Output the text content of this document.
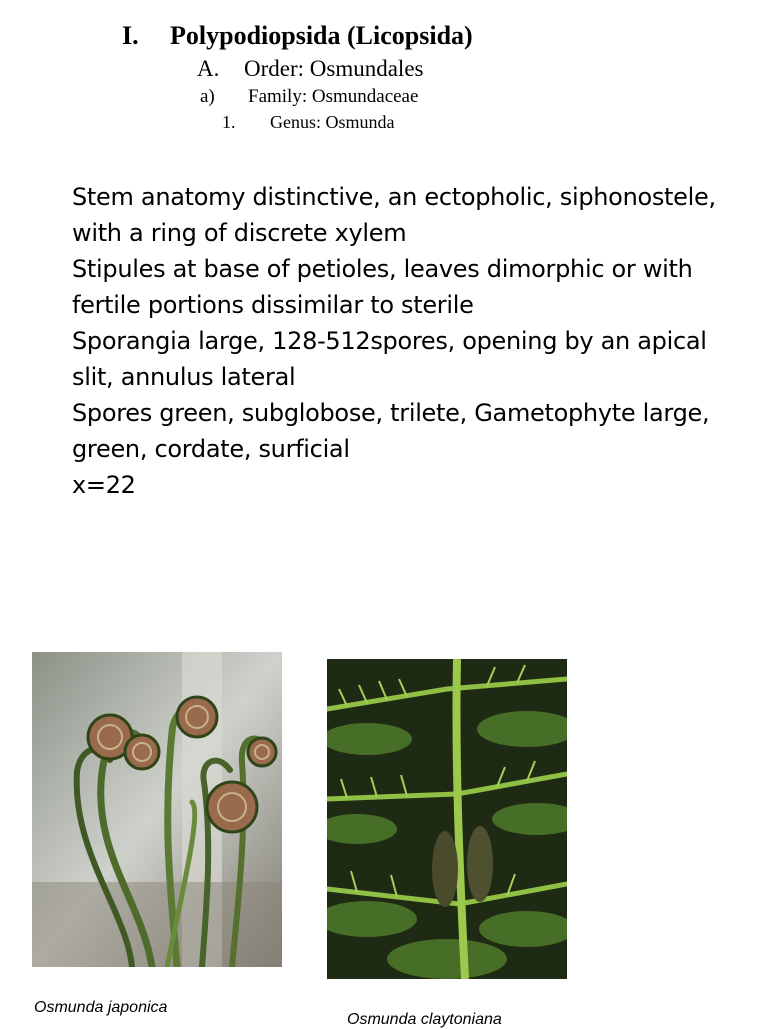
I. Polypodiopsida (Licopsida)
A. Order: Osmundales
a) Family: Osmundaceae
1. Genus: Osmunda

Stem anatomy distinctive, an ectopholic, siphonostele, with a ring of discrete xylem

Stipules at base of petioles, leaves dimorphic or with fertile portions dissimilar to sterile

Sporangia large, 128-512spores, opening by an apical slit, annulus lateral

Spores green, subglobose, trilete, Gametophyte large, green, cordate, surficial

x=22

Osmunda japonica
Osmunda claytoniana
